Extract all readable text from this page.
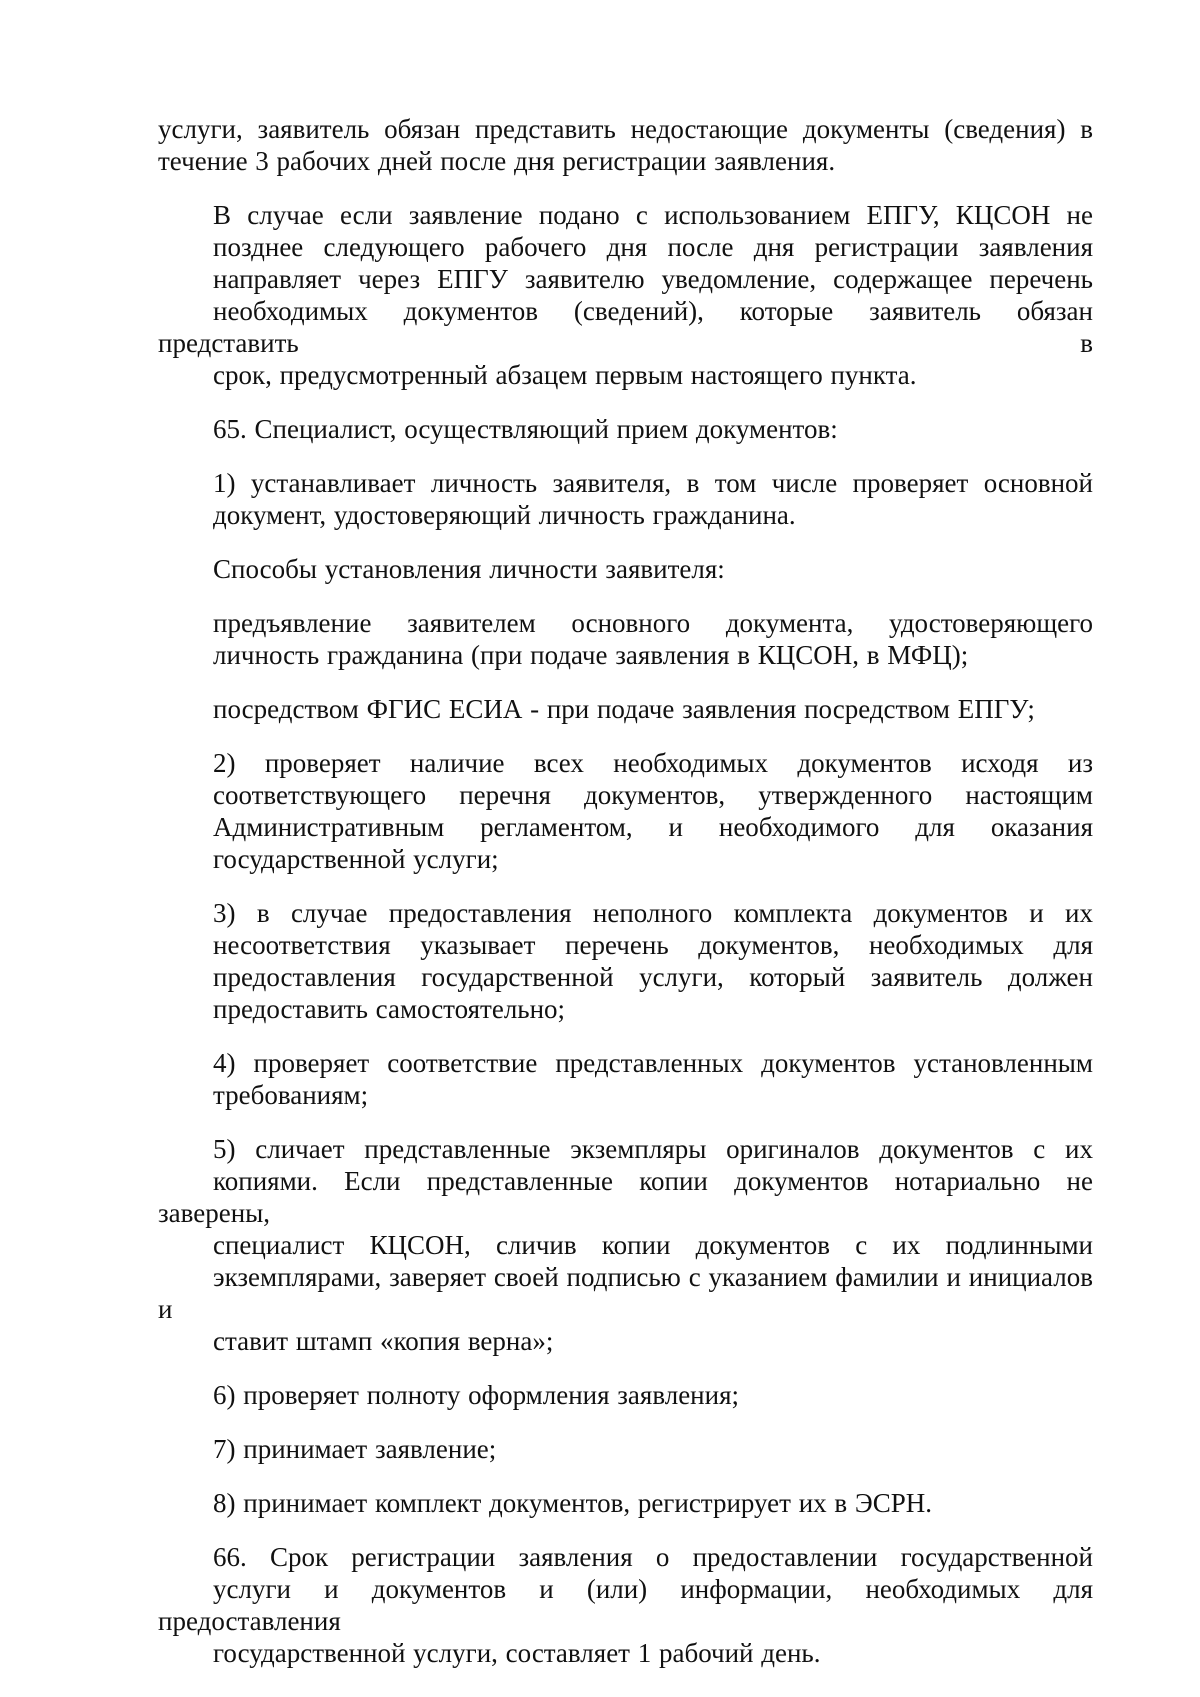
услуги, заявитель обязан представить недостающие документы (сведения) в
течение 3 рабочих дней после дня регистрации заявления.
В случае если заявление подано с использованием ЕПГУ, КЦСОН не
позднее следующего рабочего дня после дня регистрации заявления
направляет через ЕПГУ заявителю уведомление, содержащее перечень
необходимых документов (сведений), которые заявитель обязан представить в
срок, предусмотренный абзацем первым настоящего пункта.
65. Специалист, осуществляющий прием документов:
1) устанавливает личность заявителя, в том числе проверяет основной
документ, удостоверяющий личность гражданина.
Способы установления личности заявителя:
предъявление заявителем основного документа, удостоверяющего
личность гражданина (при подаче заявления в КЦСОН, в МФЦ);
посредством ФГИС ЕСИА - при подаче заявления посредством ЕПГУ;
2) проверяет наличие всех необходимых документов исходя из
соответствующего перечня документов, утвержденного настоящим
Административным регламентом, и необходимого для оказания
государственной услуги;
3) в случае предоставления неполного комплекта документов и их
несоответствия указывает перечень документов, необходимых для
предоставления государственной услуги, который заявитель должен
предоставить самостоятельно;
4) проверяет соответствие представленных документов установленным
требованиям;
5) сличает представленные экземпляры оригиналов документов с их
копиями. Если представленные копии документов нотариально не заверены,
специалист КЦСОН, сличив копии документов с их подлинными
экземплярами, заверяет своей подписью с указанием фамилии и инициалов и
ставит штамп «копия верна»;
6) проверяет полноту оформления заявления;
7) принимает заявление;
8) принимает комплект документов, регистрирует их в ЭСРН.
66. Срок регистрации заявления о предоставлении государственной
услуги и документов и (или) информации, необходимых для предоставления
государственной услуги, составляет 1 рабочий день.
